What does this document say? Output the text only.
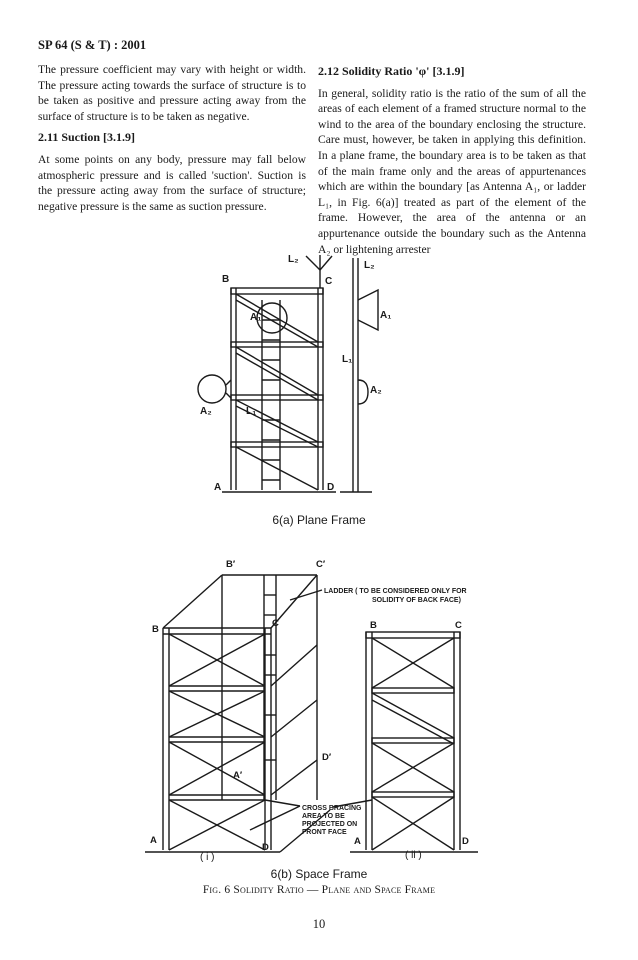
SP 64 (S & T) : 2001

The pressure coefficient may vary with height or width. The pressure acting towards the surface of structure is to be taken as positive and pressure acting away from the surface of structure is to be taken as negative.

2.11 Suction [3.1.9]

At some points on any body, pressure may fall below atmospheric pressure and is called 'suction'. Suction is the pressure acting away from the surface of structure; negative pressure is the same as suction pressure.

2.12 Solidity Ratio 'φ' [3.1.9]

In general, solidity ratio is the ratio of the sum of all the areas of each element of a framed structure normal to the wind to the area of the boundary enclosing the structure. Care must, however, be taken in applying this definition. In a plane frame, the boundary area is to be taken as that of the main frame only and the areas of appurtenances which are within the boundary [as Antenna A₁, or ladder L₁, in Fig. 6(a)] treated as part of the element of the frame. However, the area of the antenna or an appurtenance outside the boundary such as the Antenna A₂ or lightening arrester

B	C
A	D
A₁
A₂	L₁
L₂
A₁
A₂
L₁
L₂
B′	C′
B
C
A
D
A′
D′
B	C
A	D
( i )	( ii )
LADDER ( TO BE CONSIDERED ONLY FOR
SOLIDITY OF BACK FACE)
CROSS BRACING
AREA TO BE
PROJECTED ON
FRONT FACE
6(a) Plane Frame
6(b) Space Frame
Fig. 6 Solidity Ratio — Plane and Space Frame
10
